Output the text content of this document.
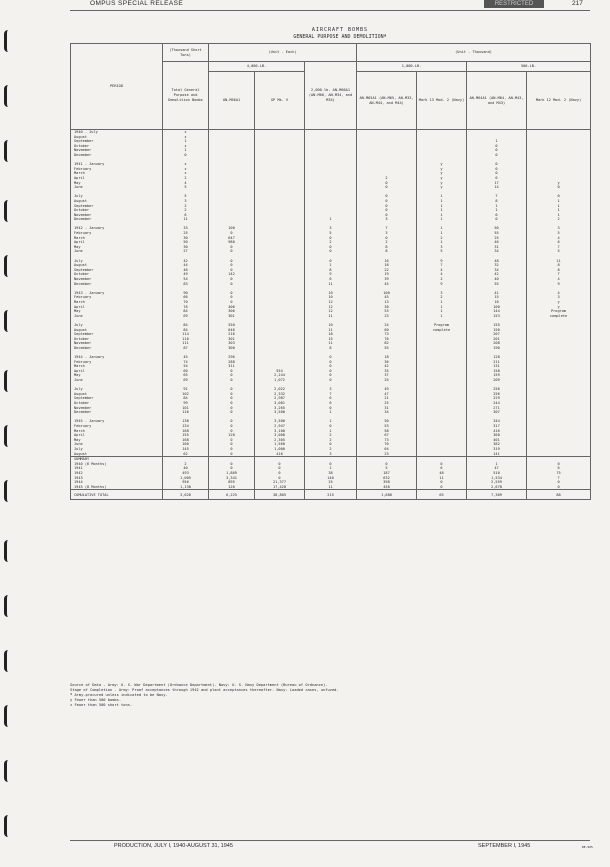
OMPUS SPECIAL RELEASE	RESTRICTED	217
AIRCRAFT BOMBS
GENERAL PURPOSE AND DEMOLITIONª
PERIOD	(Thousand Short Tons)	(Unit - Each)			(Unit - Thousand)			
	Total General Purpose and Demolition Bombs	4,000-LB.		2,000-lb. AN-M66A1 (AN-M66, AN-M34, and M34)	1,000-LB.		500-LB.	
		AN-M56A1	GP Mk. V		AN-M65A1 (AN-M65, AN-M33, AN-M44, and M44)	Mark 13 Mod. 2 (Navy)	AN-M64A1 (AN-M64, AN-M43, and M43)	Mark 12 Mod. 2 (Navy)
1940 - July	z							
August	z							
September	1						1	
October	z						0	
November	1						0	
December	0						0	

1941 - January	z					y	0	
February	z					y	0	
March	z					y	0	
April	2				2	y	0	
May	4				0	y	17	y
June	5				0	y	14	0

July	5				0	1	7	0
August	3				0	1	8	1
September	2				0	1	1	1
October	2				0	1	1	1
November	6				0	1	0	1
December	11			1	3	1	0	2

1942 - January	33	100		3	7	1	50	3
February	25	0		5	3	1	55	5
March	30	647		0	0	2	25	4
April	50	980		2	2	1	46	6
May	30	0		0	8	3	31	7
June	27	0		0	8	5	34	5

July	42	0		0	16	9	48	11
August	44	0		1	18	7	32	8
September	46	0		8	22	4	34	8
October	49	142		9	19	4	42	7
November	54	0		6	39	2	40	4
December	83	0		11	45	9	55	9

1943 - January	90	0		10	100	3	41	4
February	66	0		10	45	2	15	3
March	70	0		12	13	1	10	y
April	76	400		12	30	1	100	y
May	84	306		12	53	1	144	Program
June	69	301		11	23	1	153	complete

July	84	550		10	24	Program	155	
August	84	646		11	60	complete	150	
September	114	216		18	73		207	
October	110	301		15	76		201	
November	111	303		11	82		208	
December	87	300		8	55		190	

1944 - January	45	296		0	18		128	
February	74	288		0	36		211	
March	54	311		0	42		131	
April	60	0	554	0	35		158	
May	65	0	2,244	0	37		159	
June	69	0	1,072	0	25		209	

July	91	0	2,022	3	49		256	
August	102	0	2,332	7	47		256	
September	84	0	2,987	6	21		229	
October	99	0	3,001	6	25		244	
November	101	0	3,265	0	31		271	
December	116	0	3,500	1	34		307	

1945 - January	138	0	3,500	1	50		344	
February	134	0	2,947	0	53		317	
March	168	0	3,100	1	58		416	
April	155	120	3,000	2	67		360	
May	168	0	2,305	2	73		401	
June	160	0	1,560	0	70		382	
July	145	0	1,000	2	64		319	
August	62	0	416	3	23		141	
SUMMARY								
1940 (6 Months)	2	0	0	0	0	0	1	0
1941	40	0	0	1	5	6	47	6
1942	493	1,869	0	38	187	48	510	75
1943	1,005	3,341	0	140	632	11	1,534	7
1944	956	895	21,377	25	398	0	2,559	0
1945 (8 Months)	1,130	120	17,428	11	458	0	2,678	0
CUMULATIVE TOTAL	3,626	6,225	38,805	215	1,680	65	7,309	88
Source of Data - Army: U. S. War Department (Ordnance Department). Navy: U. S. Navy Department (Bureau of Ordnance).
Stage of Completion - Army: Proof acceptances through 1942 and plant acceptances thereafter. Navy: Loaded cases, unfuzed.
ª Army-procured unless indicated to be Navy.
y Fewer than 500 bombs.
z Fewer than 500 short tons.
PRODUCTION, JULY I, 1940-AUGUST 31, 1945	SEPTEMBER I, 1945	BE-905
